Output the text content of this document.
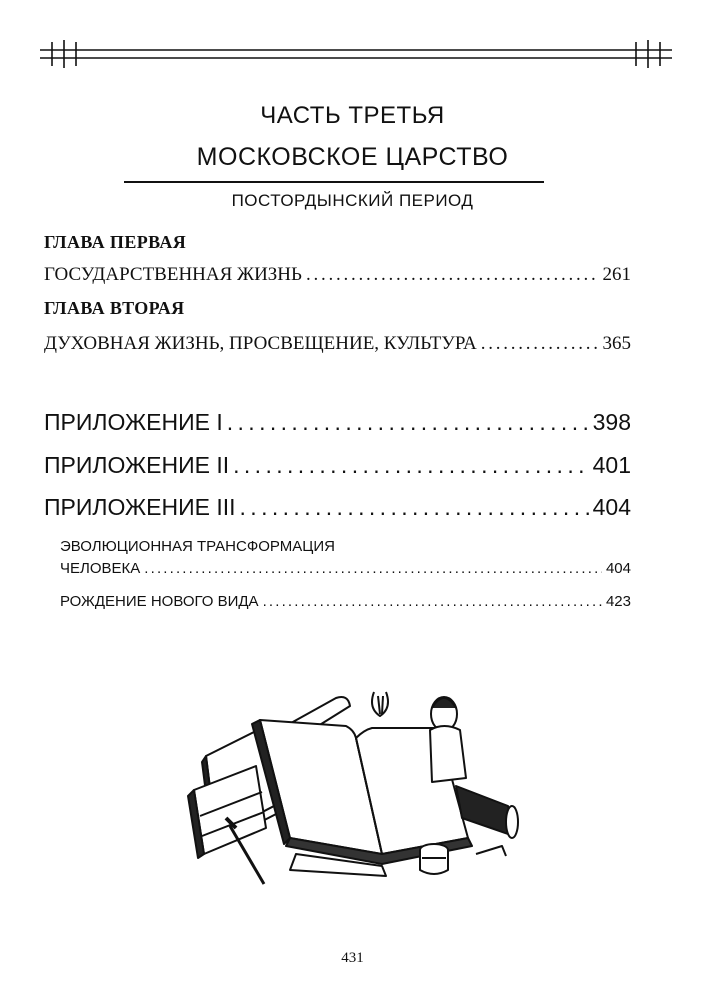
ЧАСТЬ ТРЕТЬЯ
МОСКОВСКОЕ ЦАРСТВО
ПОСТОРДЫНСКИЙ ПЕРИОД
ГЛАВА ПЕРВАЯ
ГОСУДАРСТВЕННАЯ ЖИЗНЬ . . .	261
ГЛАВА ВТОРАЯ
ДУХОВНАЯ ЖИЗНЬ, ПРОСВЕЩЕНИЕ, КУЛЬТУРА . . .	365
ПРИЛОЖЕНИЕ I . . .	398
ПРИЛОЖЕНИЕ II . . .	401
ПРИЛОЖЕНИЕ III . . .	404
ЭВОЛЮЦИОННАЯ ТРАНСФОРМАЦИЯ
ЧЕЛОВЕКА . . .	404
РОЖДЕНИЕ НОВОГО ВИДА . . .	423
431
